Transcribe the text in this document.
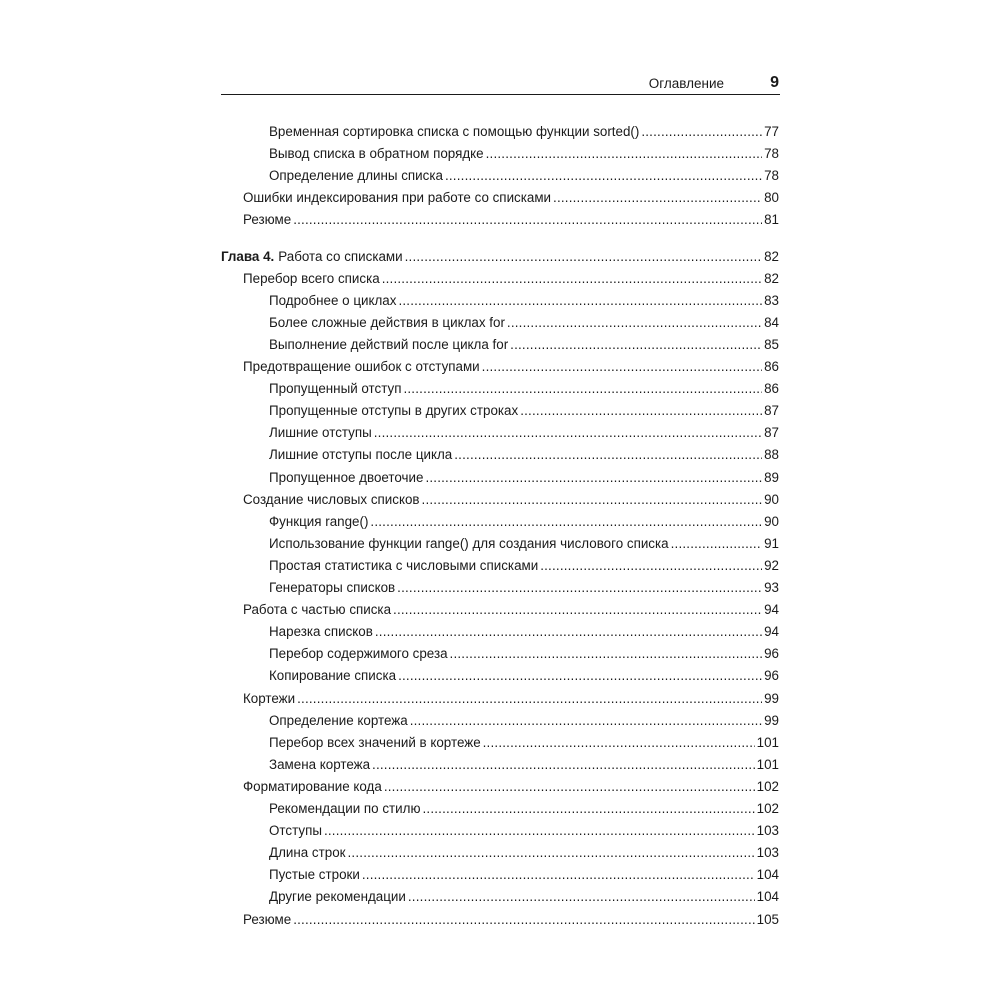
Оглавление	9
Временная сортировка списка с помощью функции sorted() .....	77
Вывод списка в обратном порядке .....	78
Определение длины списка .....	78
Ошибки индексирования при работе со списками .....	80
Резюме .....	81
Глава 4. Работа со списками .....	82
Перебор всего списка .....	82
Подробнее о циклах .....	83
Более сложные действия в циклах for .....	84
Выполнение действий после цикла for .....	85
Предотвращение ошибок с отступами .....	86
Пропущенный отступ .....	86
Пропущенные отступы в других строках .....	87
Лишние отступы .....	87
Лишние отступы после цикла .....	88
Пропущенное двоеточие .....	89
Создание числовых списков .....	90
Функция range() .....	90
Использование функции range() для создания числового списка .....	91
Простая статистика с числовыми списками .....	92
Генераторы списков .....	93
Работа с частью списка .....	94
Нарезка списков .....	94
Перебор содержимого среза .....	96
Копирование списка .....	96
Кортежи .....	99
Определение кортежа .....	99
Перебор всех значений в кортеже .....	101
Замена кортежа .....	101
Форматирование кода .....	102
Рекомендации по стилю .....	102
Отступы .....	103
Длина строк .....	103
Пустые строки .....	104
Другие рекомендации .....	104
Резюме .....	105
